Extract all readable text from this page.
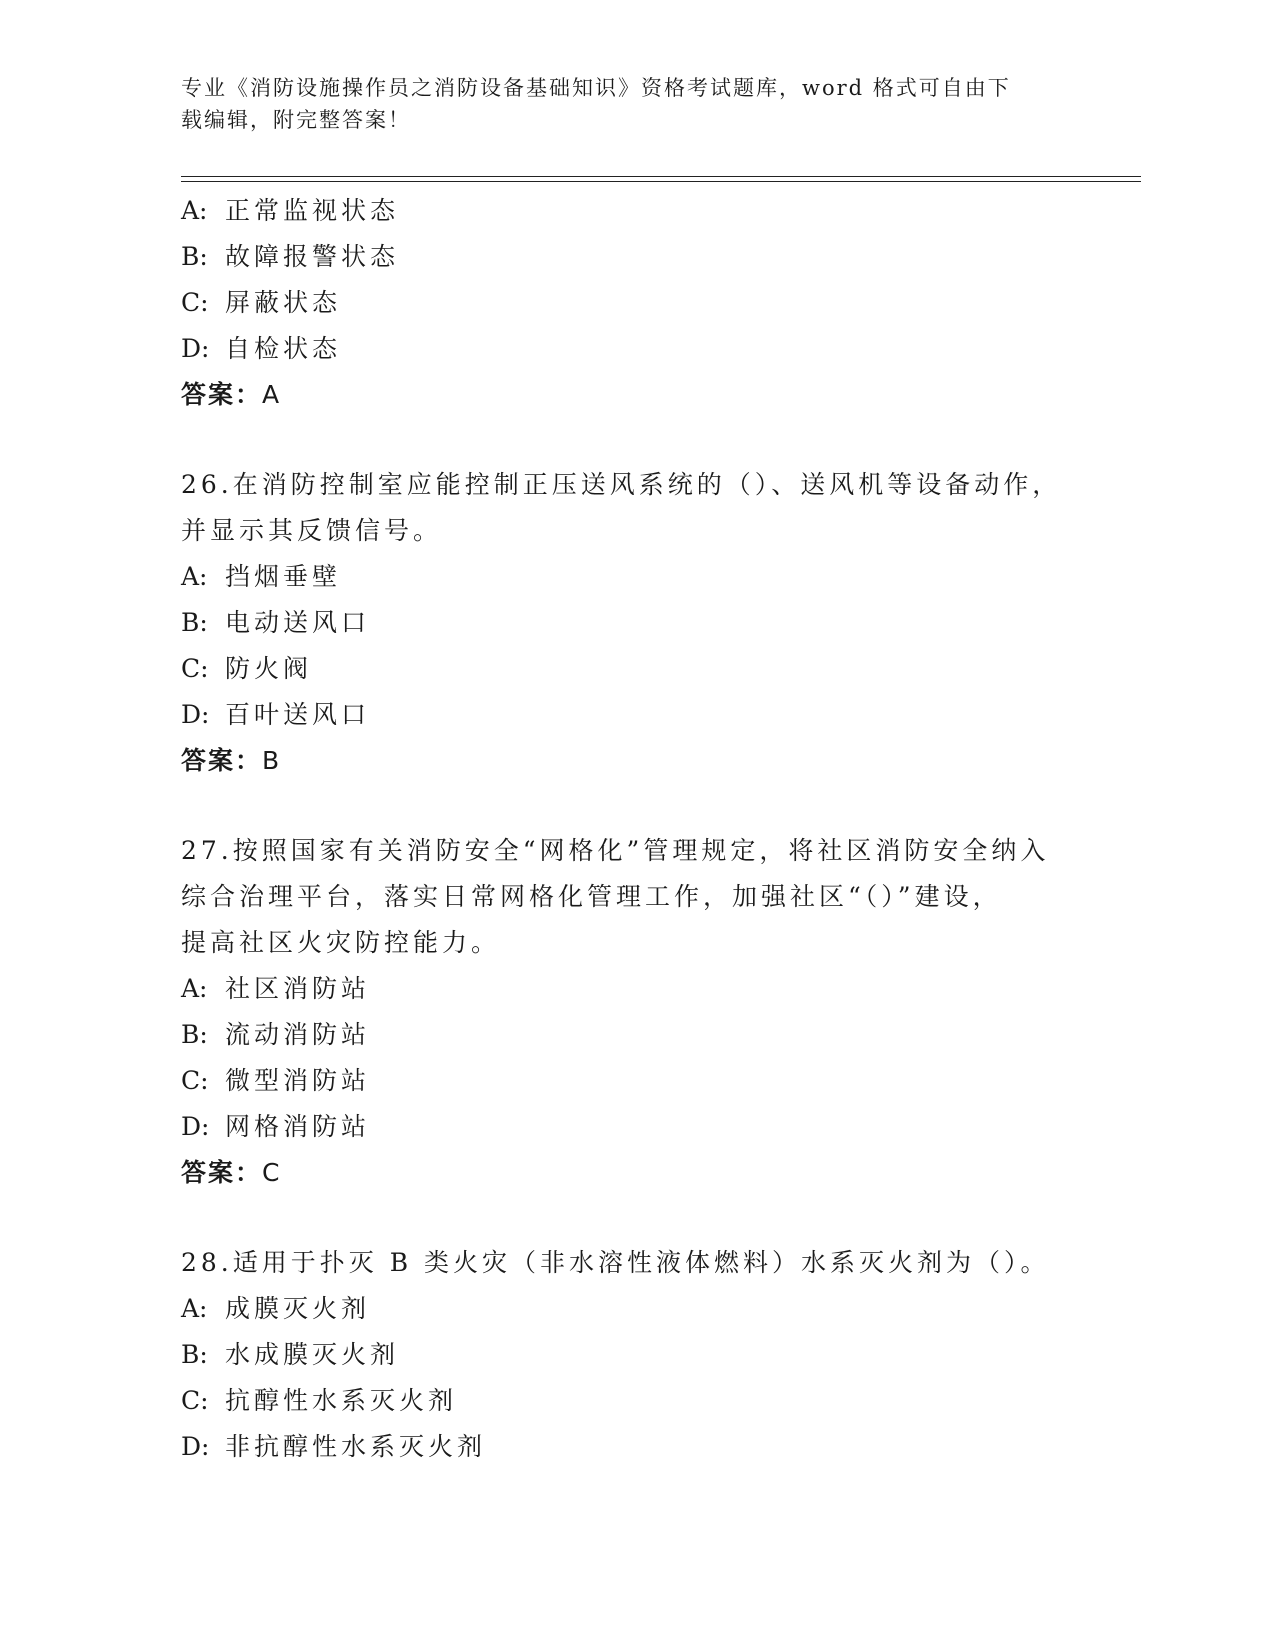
专业《消防设施操作员之消防设备基础知识》资格考试题库，word 格式可自由下
载编辑，附完整答案！
A: 正常监视状态
B: 故障报警状态
C: 屏蔽状态
D: 自检状态
答案：A
26.在消防控制室应能控制正压送风系统的（）、送风机等设备动作，
并显示其反馈信号。
A: 挡烟垂壁
B: 电动送风口
C: 防火阀
D: 百叶送风口
答案：B
27.按照国家有关消防安全“网格化”管理规定，将社区消防安全纳入
综合治理平台，落实日常网格化管理工作，加强社区“（）”建设，
提高社区火灾防控能力。
A: 社区消防站
B: 流动消防站
C: 微型消防站
D: 网格消防站
答案：C
28.适用于扑灭 B 类火灾（非水溶性液体燃料）水系灭火剂为（）。
A: 成膜灭火剂
B: 水成膜灭火剂
C: 抗醇性水系灭火剂
D: 非抗醇性水系灭火剂
